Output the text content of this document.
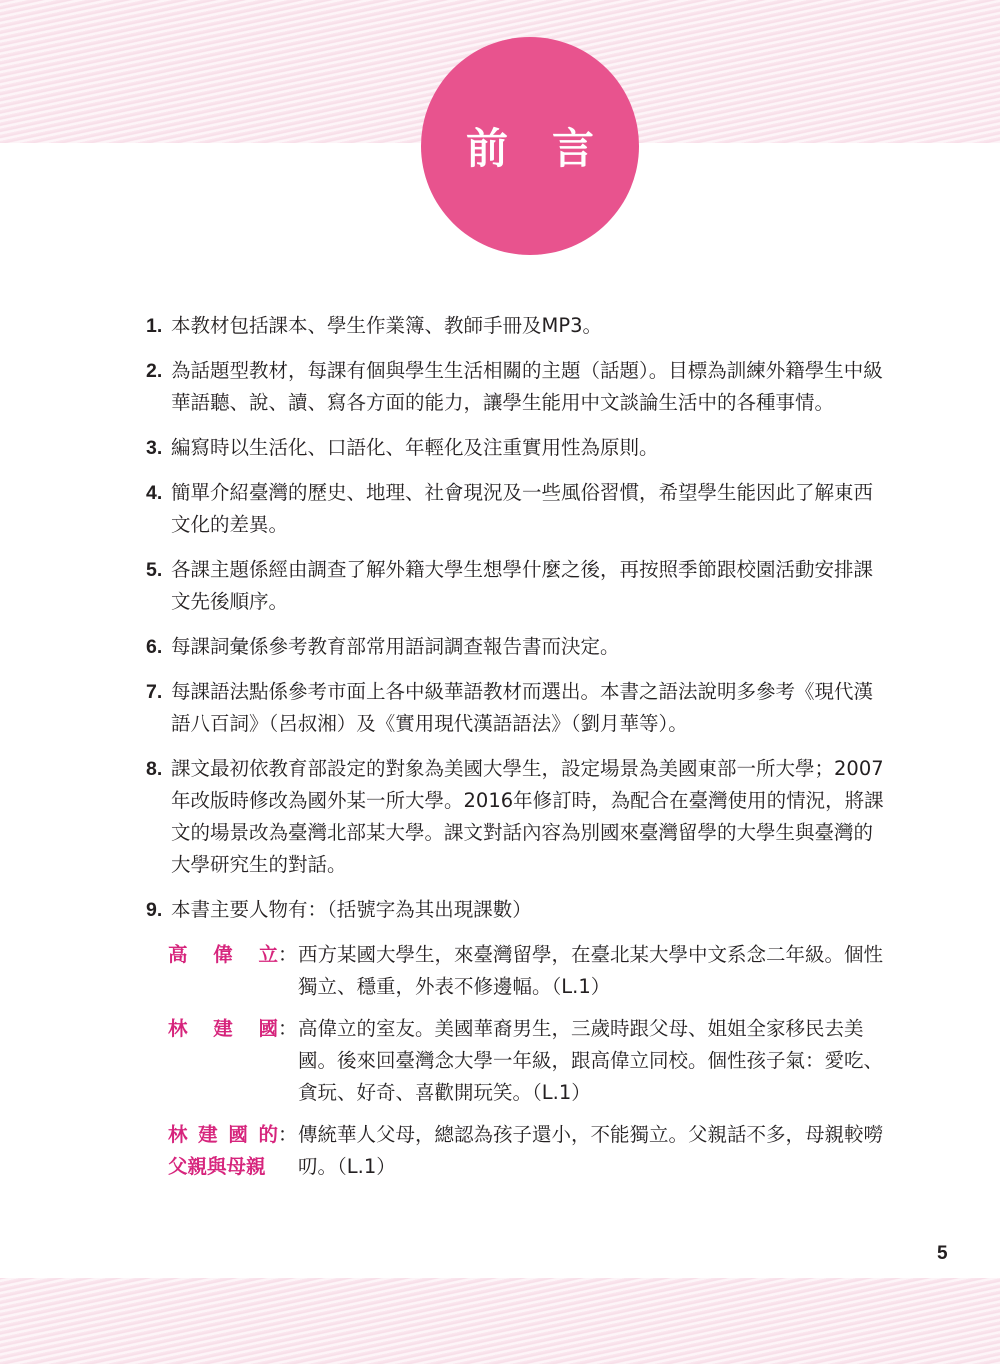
前言
1. 本教材包括課本、學生作業簿、教師手冊及MP3。
2. 為話題型教材，每課有個與學生生活相關的主題（話題）。目標為訓練外籍學生中級華語聽、說、讀、寫各方面的能力，讓學生能用中文談論生活中的各種事情。
3. 編寫時以生活化、口語化、年輕化及注重實用性為原則。
4. 簡單介紹臺灣的歷史、地理、社會現況及一些風俗習慣，希望學生能因此了解東西文化的差異。
5. 各課主題係經由調查了解外籍大學生想學什麼之後，再按照季節跟校園活動安排課文先後順序。
6. 每課詞彙係參考教育部常用語詞調查報告書而決定。
7. 每課語法點係參考市面上各中級華語教材而選出。本書之語法說明多參考《現代漢語八百詞》（呂叔湘）及《實用現代漢語語法》（劉月華等）。
8. 課文最初依教育部設定的對象為美國大學生，設定場景為美國東部一所大學；2007年改版時修改為國外某一所大學。2016年修訂時，為配合在臺灣使用的情況，將課文的場景改為臺灣北部某大學。課文對話內容為別國來臺灣留學的大學生與臺灣的大學研究生的對話。
9. 本書主要人物有：（括號字為其出現課數）
高 偉 立 ： 西方某國大學生，來臺灣留學，在臺北某大學中文系念二年級。個性獨立、穩重，外表不修邊幅。（L.1）
林 建 國 ： 高偉立的室友。美國華裔男生，三歲時跟父母、姐姐全家移民去美國。後來回臺灣念大學一年級，跟高偉立同校。個性孩子氣：愛吃、貪玩、好奇、喜歡開玩笑。（L.1）
林 建 國 的
父親與母親
： 傳統華人父母，總認為孩子還小，不能獨立。父親話不多，母親較嘮叨。（L.1）
5
